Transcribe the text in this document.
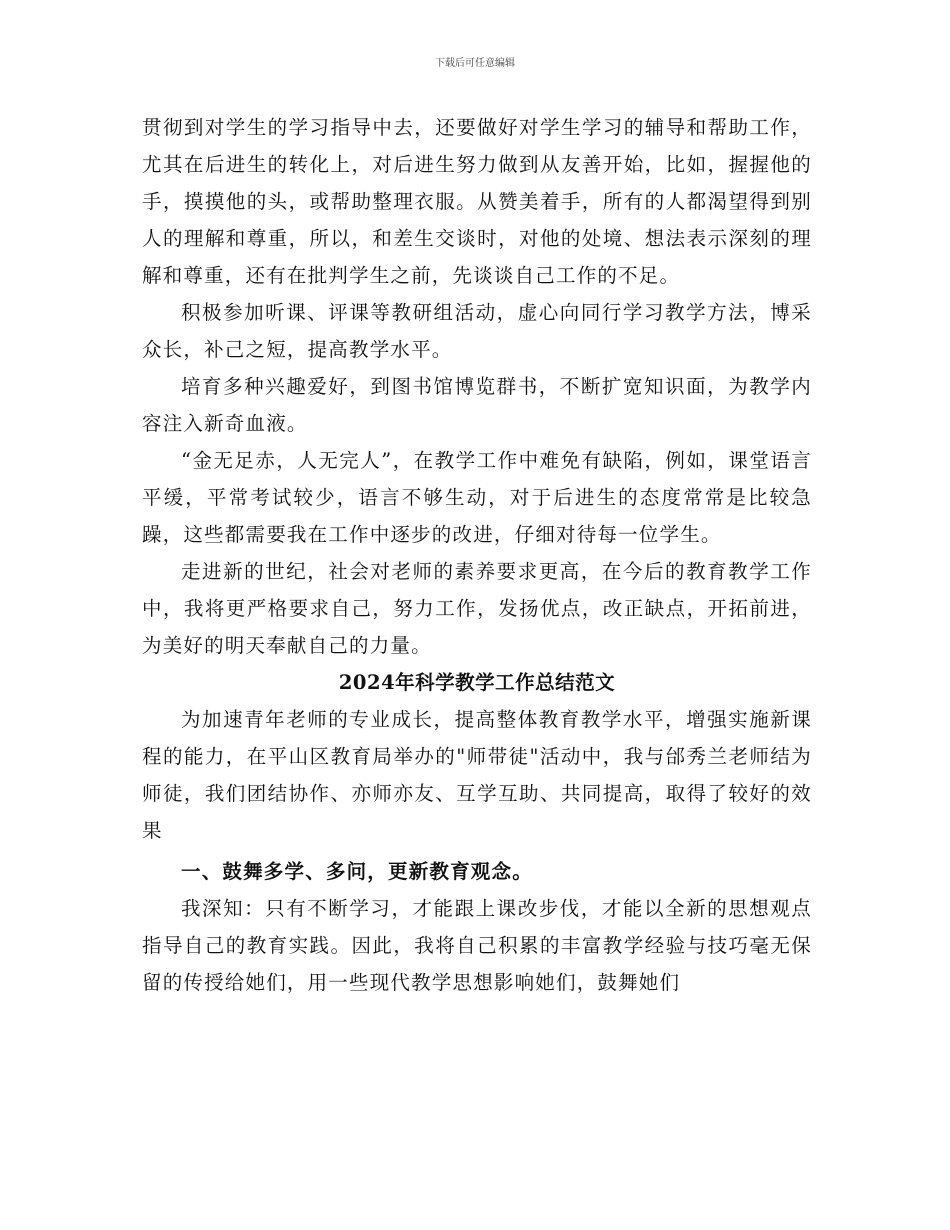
下载后可任意编辑

贯彻到对学生的学习指导中去，还要做好对学生学习的辅导和帮助工作，尤其在后进生的转化上，对后进生努力做到从友善开始，比如，握握他的手，摸摸他的头，或帮助整理衣服。从赞美着手，所有的人都渴望得到别人的理解和尊重，所以，和差生交谈时，对他的处境、想法表示深刻的理解和尊重，还有在批判学生之前，先谈谈自己工作的不足。

积极参加听课、评课等教研组活动，虚心向同行学习教学方法，博采众长，补己之短，提高教学水平。

培育多种兴趣爱好，到图书馆博览群书，不断扩宽知识面，为教学内容注入新奇血液。

“金无足赤，人无完人”，在教学工作中难免有缺陷，例如，课堂语言平缓，平常考试较少，语言不够生动，对于后进生的态度常常是比较急躁，这些都需要我在工作中逐步的改进，仔细对待每一位学生。

走进新的世纪，社会对老师的素养要求更高，在今后的教育教学工作中，我将更严格要求自己，努力工作，发扬优点，改正缺点，开拓前进，为美好的明天奉献自己的力量。

2024年科学教学工作总结范文

为加速青年老师的专业成长，提高整体教育教学水平，增强实施新课程的能力，在平山区教育局举办的"师带徒"活动中，我与邰秀兰老师结为师徒，我们团结协作、亦师亦友、互学互助、共同提高，取得了较好的效果

一、鼓舞多学、多问，更新教育观念。

我深知：只有不断学习，才能跟上课改步伐，才能以全新的思想观点指导自己的教育实践。因此，我将自己积累的丰富教学经验与技巧毫无保留的传授给她们，用一些现代教学思想影响她们，鼓舞她们
